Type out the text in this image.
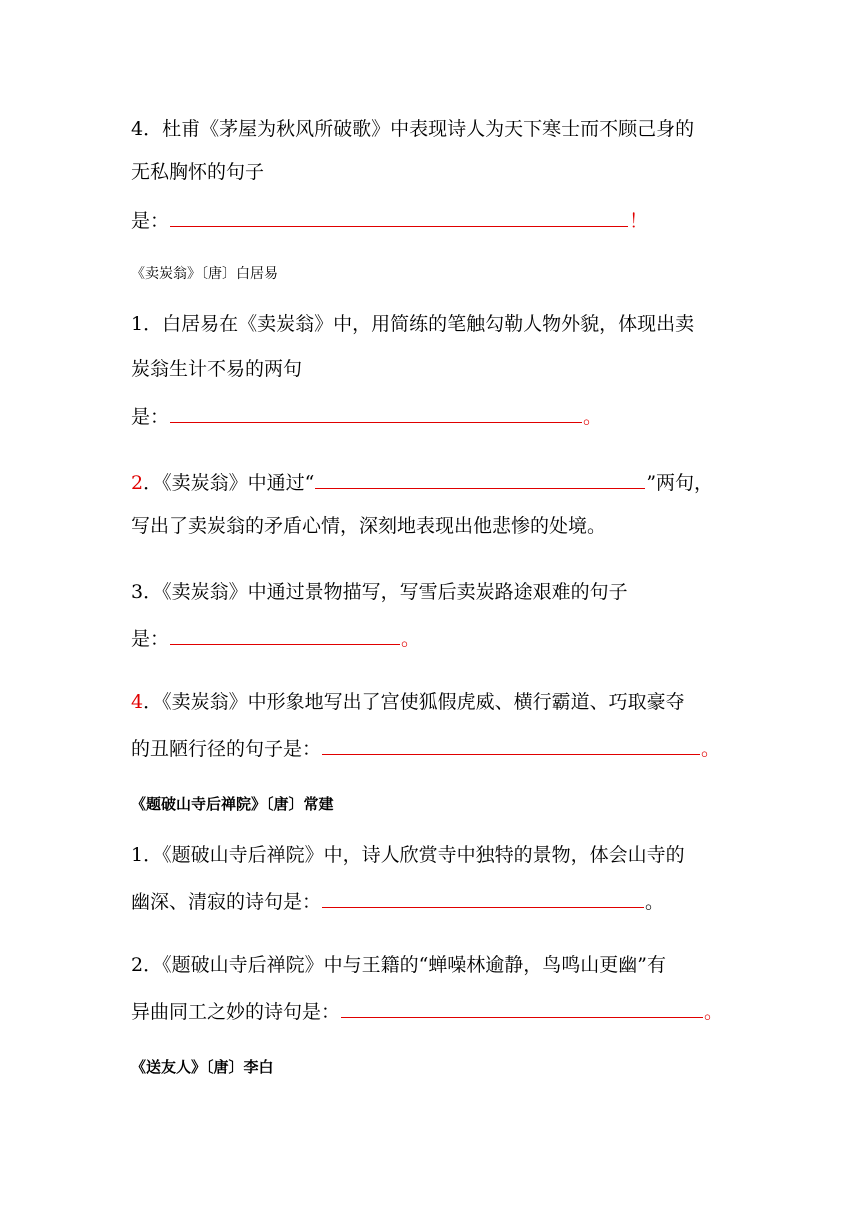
4．杜甫《茅屋为秋风所破歌》中表现诗人为天下寒士而不顾己身的
无私胸怀的句子
是：	！
《卖炭翁》〔唐〕白居易
1．白居易在《卖炭翁》中，用简练的笔触勾勒人物外貌，体现出卖
炭翁生计不易的两句
是：	。
2．《卖炭翁》中通过“	”两句，
写出了卖炭翁的矛盾心情，深刻地表现出他悲惨的处境。
3．《卖炭翁》中通过景物描写，写雪后卖炭路途艰难的句子
是：	。
4．《卖炭翁》中形象地写出了宫使狐假虎威、横行霸道、巧取豪夺
的丑陋行径的句子是：	。
《题破山寺后禅院》〔唐〕常建
1．《题破山寺后禅院》中，诗人欣赏寺中独特的景物，体会山寺的
幽深、清寂的诗句是：	。
2．《题破山寺后禅院》中与王籍的“蝉噪林逾静，鸟鸣山更幽”有
异曲同工之妙的诗句是：	。
《送友人》〔唐〕李白
